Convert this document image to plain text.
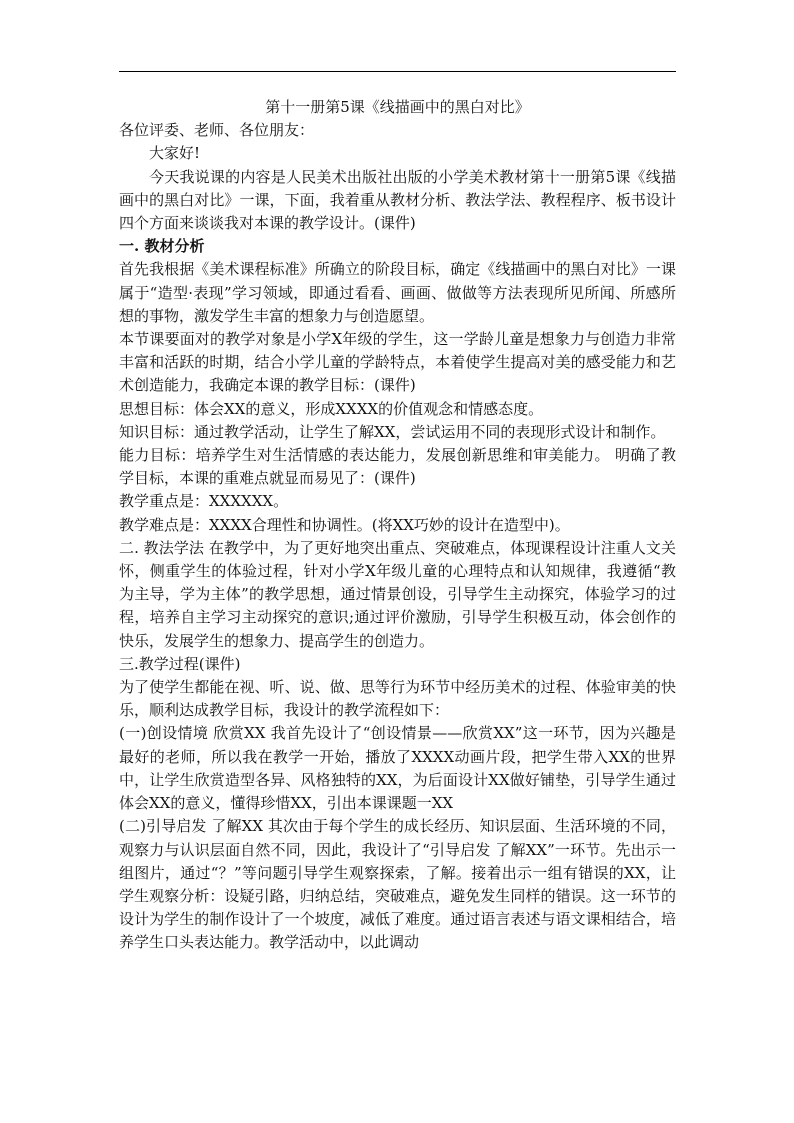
第十一册第5课《线描画中的黑白对比》

各位评委、老师、各位朋友：

大家好!

今天我说课的内容是人民美术出版社出版的小学美术教材第十一册第5课《线描画中的黑白对比》一课，下面，我着重从教材分析、教法学法、教程程序、板书设计四个方面来谈谈我对本课的教学设计。(课件)

一. 教材分析

首先我根据《美术课程标准》所确立的阶段目标，确定《线描画中的黑白对比》一课属于“造型·表现”学习领域，即通过看看、画画、做做等方法表现所见所闻、所感所想的事物，激发学生丰富的想象力与创造愿望。

本节课要面对的教学对象是小学X年级的学生，这一学龄儿童是想象力与创造力非常丰富和活跃的时期，结合小学儿童的学龄特点，本着使学生提高对美的感受能力和艺术创造能力，我确定本课的教学目标：(课件)

思想目标：体会XX的意义，形成XXXX的价值观念和情感态度。

知识目标：通过教学活动，让学生了解XX，尝试运用不同的表现形式设计和制作。

能力目标：培养学生对生活情感的表达能力，发展创新思维和审美能力。 明确了教学目标，本课的重难点就显而易见了：(课件)

教学重点是：XXXXXX。

教学难点是：XXXX合理性和协调性。(将XX巧妙的设计在造型中)。

二. 教法学法 在教学中，为了更好地突出重点、突破难点，体现课程设计注重人文关怀，侧重学生的体验过程，针对小学X年级儿童的心理特点和认知规律，我遵循“教为主导，学为主体”的教学思想，通过情景创设，引导学生主动探究，体验学习的过程，培养自主学习主动探究的意识;通过评价激励，引导学生积极互动，体会创作的快乐，发展学生的想象力、提高学生的创造力。

三.教学过程(课件)

为了使学生都能在视、听、说、做、思等行为环节中经历美术的过程、体验审美的快乐，顺利达成教学目标，我设计的教学流程如下：

(一)创设情境 欣赏XX 我首先设计了“创设情景——欣赏XX”这一环节，因为兴趣是最好的老师，所以我在教学一开始，播放了XXXX动画片段，把学生带入XX的世界中，让学生欣赏造型各异、风格独特的XX，为后面设计XX做好铺垫，引导学生通过体会XX的意义，懂得珍惜XX，引出本课课题一XX

(二)引导启发 了解XX 其次由于每个学生的成长经历、知识层面、生活环境的不同，观察力与认识层面自然不同，因此，我设计了“引导启发 了解XX”一环节。先出示一组图片，通过“？”等问题引导学生观察探索，了解。接着出示一组有错误的XX，让学生观察分析：设疑引路，归纳总结，突破难点，避免发生同样的错误。这一环节的设计为学生的制作设计了一个坡度，减低了难度。通过语言表述与语文课相结合，培养学生口头表达能力。教学活动中，以此调动
